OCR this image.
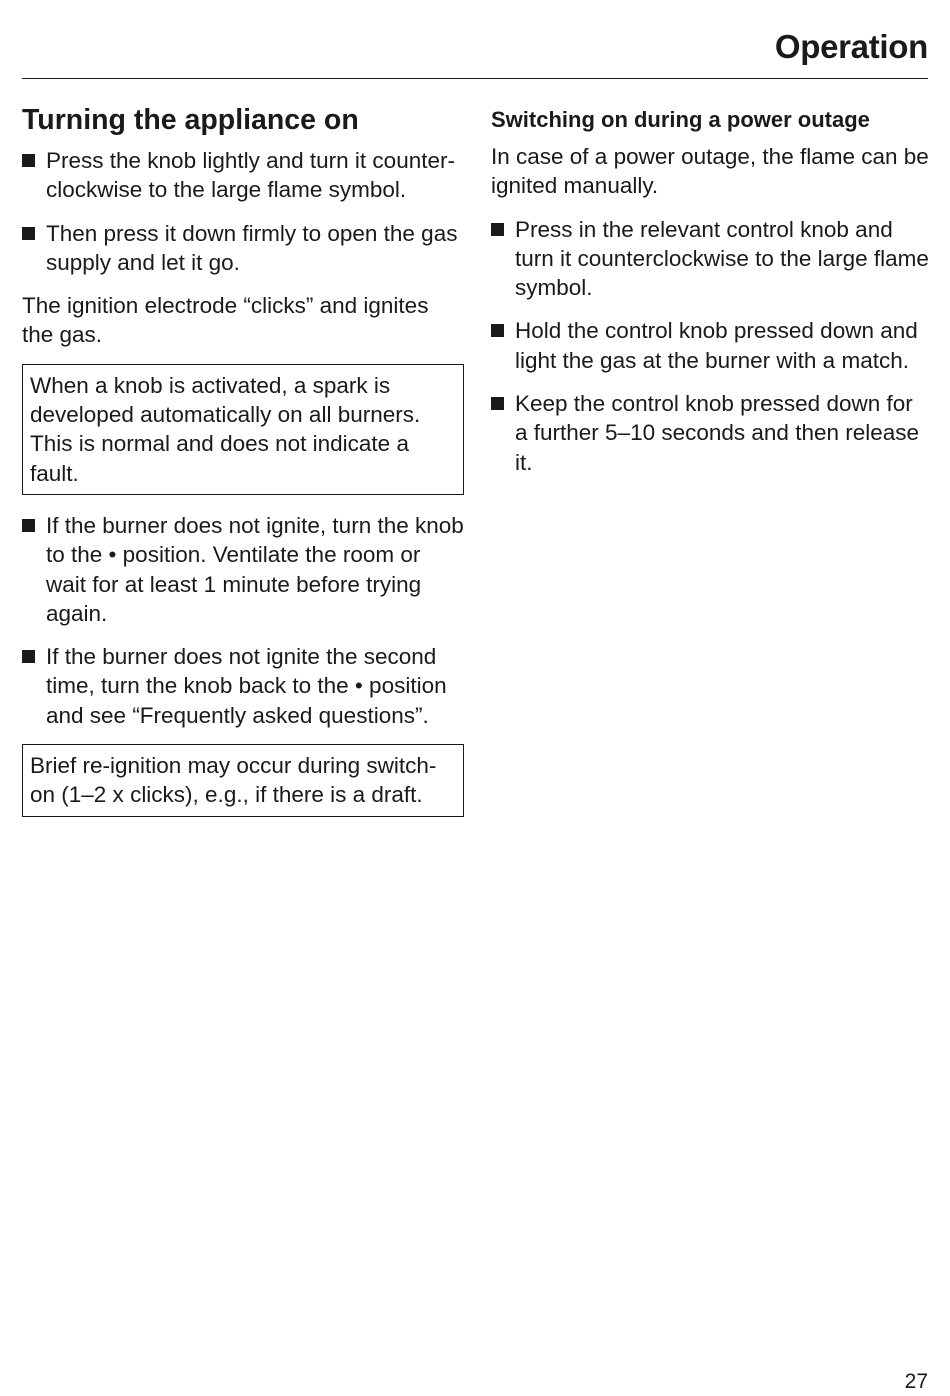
Operation
Turning the appliance on
Press the knob lightly and turn it counter-clockwise to the large flame symbol.
Then press it down firmly to open the gas supply and let it go.

The ignition electrode “clicks” and ignites the gas.

When a knob is activated, a spark is developed automatically on all burners. This is normal and does not indicate a fault.
If the burner does not ignite, turn the knob to the • position. Ventilate the room or wait for at least 1 minute before trying again.
If the burner does not ignite the second time, turn the knob back to the • position and see “Frequently asked questions”.
Brief re-ignition may occur during switch-on (1–2 x clicks), e.g., if there is a draft.
Switching on during a power outage

In case of a power outage, the flame can be ignited manually.

Press in the relevant control knob and turn it counterclockwise to the large flame symbol.
Hold the control knob pressed down and light the gas at the burner with a match.
Keep the control knob pressed down for a further 5–10 seconds and then release it.
27
